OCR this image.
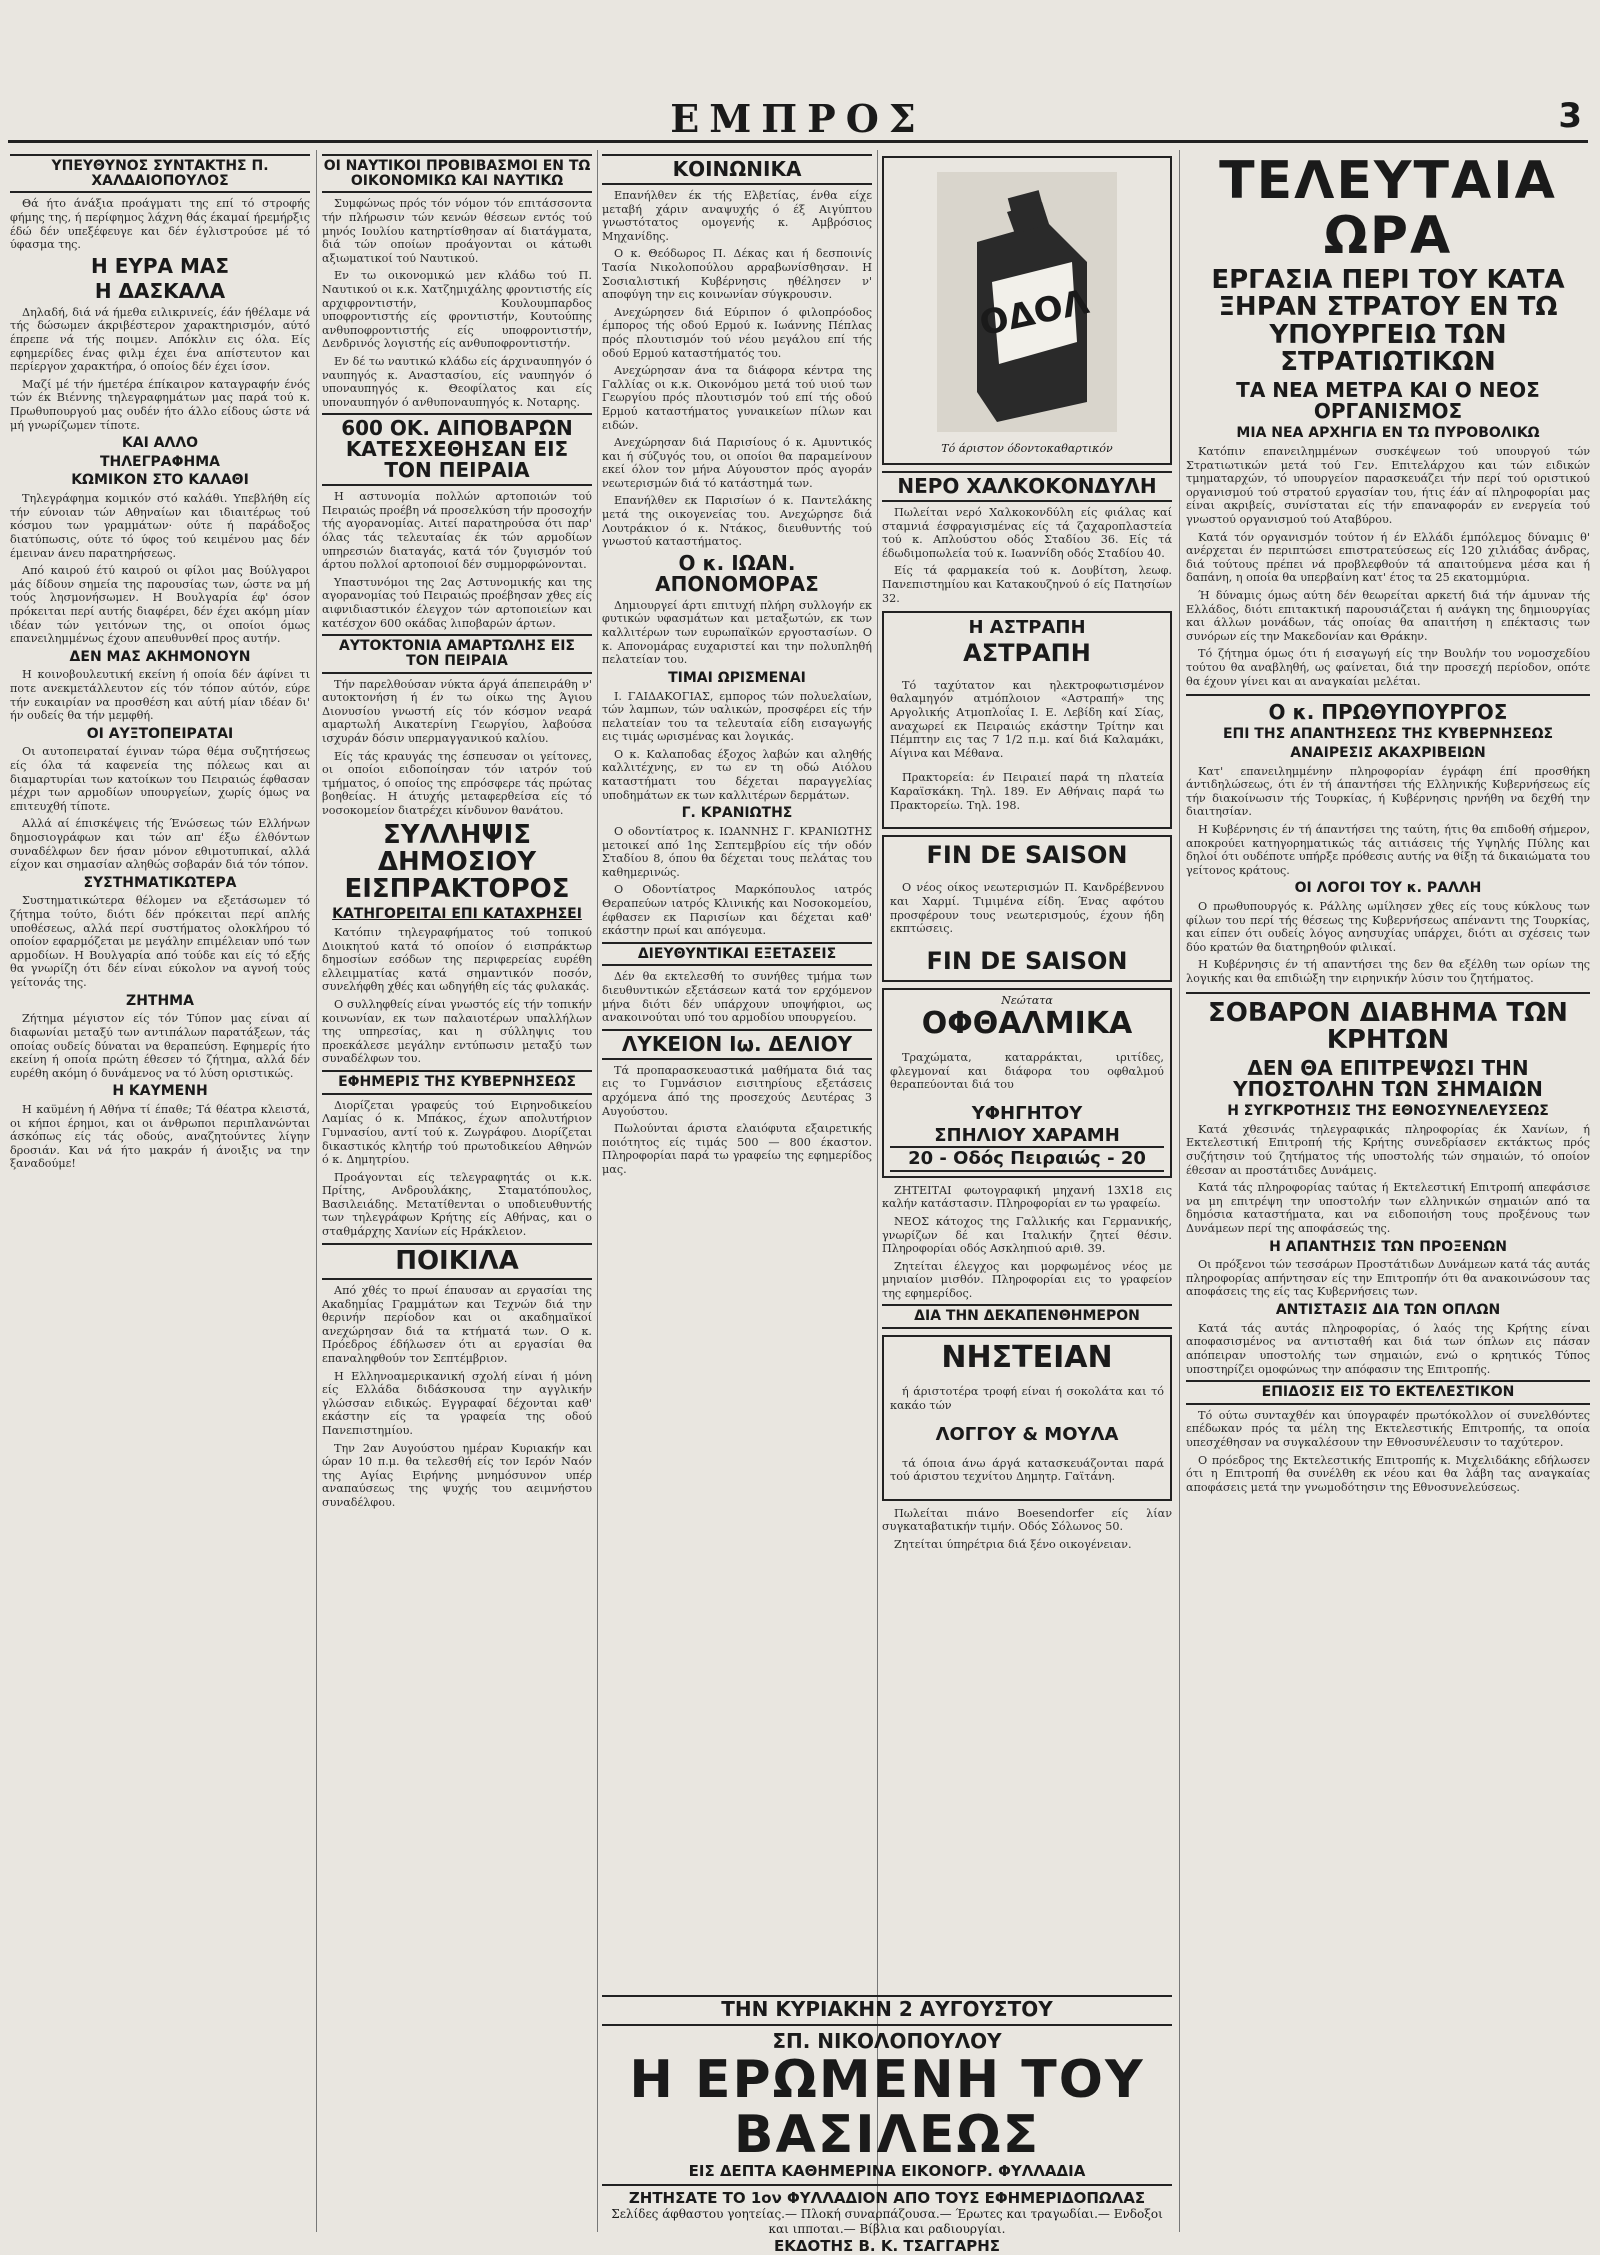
ΕΜΠΡΟΣ	3
ΥΠΕΥΘΥΝΟΣ ΣΥΝΤΑΚΤΗΣ Π. ΧΑΛΔΑΙΟΠΟΥΛΟΣ

Θά ήτο άνάξια προάγματι της επί τό στροφής φήμης της, ή περίφημος λάχνη θάς έκαμαί ήρεμήρξις έδώ δέν υπεξέφευγε και δέν έγλιστρούσε μέ τό ύφασμα της.

Η ΕΥΡΑ ΜΑΣ
Η ΔΑΣΚΑΛΑ

Δηλαδή, διά νά ήμεθα ειλικρινείς, έάν ήθέλαμε νά τής δώσωμεν άκριβέστερον χαρακτηρισμόν, αύτό έπρεπε νά τής ποιμεν. Απόκλιν εις όλα. Είς εφημερίδες ένας φιλμ έχει ένα απίστευτον και περίεργον χαρακτήρα, ό οποίος δέν έχει ίσον.

Μαζί μέ τήν ήμετέρα έπίκαιρον καταγραφήν ένός τών έκ Βιέννης τηλεγραφημάτων μας παρά τού κ. Πρωθυπουργού μας ουδέν ήτο άλλο είδους ώστε νά μή γνωρίζωμεν τίποτε.

ΚΑΙ ΑΛΛΟ
ΤΗΛΕΓΡΑΦΗΜΑ
ΚΩΜΙΚΟΝ ΣΤΟ ΚΑΛΑΘΙ

Τηλεγράφημα κομικόν στό καλάθι. Υπεβλήθη είς τήν εύνοιαν τών Αθηναίων και ιδιαιτέρως τού κόσμου των γραμμάτων· ούτε ή παράδοξος διατύπωσις, ούτε τό ύφος τού κειμένου μας δέν έμειναν άνευ παρατηρήσεως.

Από καιρού έτύ καιρού οι φίλοι μας Βούλγαροι μάς δίδουν σημεία της παρουσίας των, ώστε να μή τούς λησμονήσωμεν. Η Βουλγαρία έφ' όσον πρόκειται περί αυτής διαφέρει, δέν έχει ακόμη μίαν ιδέαν τών γειτόνων της, οι οποίοι όμως επανειλημμένως έχουν απευθυνθεί προς αυτήν.

ΔΕΝ ΜΑΣ ΑΚΗΜΟΝΟΥΝ

Η κοινοβουλευτική εκείνη ή οποία δέν άφίνει τι ποτε ανεκμετάλλευτον είς τόν τόπον αύτόν, εύρε τήν ευκαιρίαν να προσθέση και αύτή μίαν ιδέαν δι' ήν ουδείς θα τήν μεμφθή.

ΟΙ ΑΥΞΤΟΠΕΙΡΑΤΑΙ

Οι αυτοπειραταί έγιναν τώρα θέμα συζητήσεως είς όλα τά καφενεία της πόλεως και αι διαμαρτυρίαι των κατοίκων του Πειραιώς έφθασαν μέχρι των αρμοδίων υπουργείων, χωρίς όμως να επιτευχθή τίποτε.

Αλλά αί έπισκέψεις τής Ένώσεως τών Ελλήνων δημοσιογράφων και τών απ' έξω έλθόντων συναδέλφων δεν ήσαν μόνον εθιμοτυπικαί, αλλά είχον και σημασίαν αληθώς σοβαράν διά τόν τόπον.

ΣΥΣΤΗΜΑΤΙΚΩΤΕΡΑ

Συστηματικώτερα θέλομεν να εξετάσωμεν τό ζήτημα τούτο, διότι δέν πρόκειται περί απλής υποθέσεως, αλλά περί συστήματος ολοκλήρου τό οποίον εφαρμόζεται με μεγάλην επιμέλειαν υπό των αρμοδίων. Η Βουλγαρία από τούδε και είς τό εξής θα γνωρίζη ότι δέν είναι εύκολον να αγνοή τούς γείτονάς της.

ΖΗΤΗΜΑ

Ζήτημα μέγιστον είς τόν Τύπον μας είναι αί διαφωνίαι μεταξύ των αντιπάλων παρατάξεων, τάς οποίας ουδείς δύναται να θεραπεύση. Εφημερίς ήτο εκείνη ή οποία πρώτη έθεσεν τό ζήτημα, αλλά δέν ευρέθη ακόμη ό δυνάμενος να τό λύση οριστικώς.

Η ΚΑΥΜΕΝΗ

Η καϋμένη ή Αθήνα τί έπαθε; Τά θέατρα κλειστά, οι κήποι έρημοι, και οι άνθρωποι περιπλανώνται άσκόπως είς τάς οδούς, αναζητούντες λίγην δροσιάν. Και νά ήτο μακράν ή άνοιξις να την ξαναδούμε!

ΟΙ ΝΑΥΤΙΚΟΙ ΠΡΟΒΙΒΑΣΜΟΙ ΕΝ ΤΩ ΟΙΚΟΝΟΜΙΚΩ ΚΑΙ ΝΑΥΤΙΚΩ

Συμφώνως πρός τόν νόμον τόν επιτάσσοντα τήν πλήρωσιν τών κενών θέσεων εντός τού μηνός Ιουλίου κατηρτίσθησαν αί διατάγματα, διά τών οποίων προάγονται οι κάτωθι αξιωματικοί τού Ναυτικού.

Εν τω οικονομικώ μεν κλάδω τού Π. Ναυτικού οι κ.κ. Χατζημιχάλης φροντιστής είς αρχιφροντιστήν, Κουλουμπαρδος υποφροντιστής είς φροντιστήν, Κουτούπης ανθυποφροντιστής είς υποφροντιστήν, Δενδρινός λογιστής είς ανθυποφροντιστήν.

Εν δέ τω ναυτικώ κλάδω είς άρχιναυπηγόν ό ναυπηγός κ. Αναστασίου, είς ναυπηγόν ό υποναυπηγός κ. Θεοφίλατος και είς υποναυπηγόν ό ανθυποναυπηγός κ. Νοταρης.

600 ΟΚ. ΑΙΠΟΒΑΡΩΝ ΚΑΤΕΣΧΕΘΗΣΑΝ ΕΙΣ ΤΟΝ ΠΕΙΡΑΙΑ

Η αστυνομία πολλών αρτοποιών τού Πειραιώς προέβη νά προσελκύση τήν προσοχήν τής αγορανομίας. Αιτεί παρατηρούσα ότι παρ' όλας τάς τελευταίας έκ τών αρμοδίων υπηρεσιών διαταγάς, κατά τόν ζυγισμόν τού άρτου πολλοί αρτοποιοί δέν συμμορφώνονται.

Υπαστυνόμοι της 2ας Αστυνομικής και της αγορανομίας τού Πειραιώς προέβησαν χθες είς αιφνιδιαστικόν έλεγχον τών αρτοποιείων και κατέσχον 600 οκάδας λιποβαρών άρτων.

ΑΥΤΟΚΤΟΝΙΑ ΑΜΑΡΤΩΛΗΣ ΕΙΣ ΤΟΝ ΠΕΙΡΑΙΑ

Τήν παρελθούσαν νύκτα άργά άπεπειράθη ν' αυτοκτονήση ή έν τω οίκω της Άγιου Διονυσίου γνωστή είς τόν κόσμον νεαρά αμαρτωλή Αικατερίνη Γεωργίου, λαβούσα ισχυράν δόσιν υπερμαγγανικού καλίου.

Είς τάς κραυγάς της έσπευσαν οι γείτονες, οι οποίοι ειδοποίησαν τόν ιατρόν τού τμήματος, ό οποίος της επρόσφερε τάς πρώτας βοηθείας. Η άτυχής μεταφερθείσα είς τό νοσοκομείον διατρέχει κίνδυνον θανάτου.

ΣΥΛΛΗΨΙΣ ΔΗΜΟΣΙΟΥ ΕΙΣΠΡΑΚΤΟΡΟΣ
ΚΑΤΗΓΟΡΕΙΤΑΙ ΕΠΙ ΚΑΤΑΧΡΗΣΕΙ

Κατόπιν τηλεγραφήματος τού τοπικού Διοικητού κατά τό οποίον ό εισπράκτωρ δημοσίων εσόδων της περιφερείας ευρέθη ελλειμματίας κατά σημαντικόν ποσόν, συνελήφθη χθές και ωδηγήθη είς τάς φυλακάς.

Ο συλληφθείς είναι γνωστός είς τήν τοπικήν κοινωνίαν, εκ των παλαιοτέρων υπαλλήλων της υπηρεσίας, και η σύλληψις του προεκάλεσε μεγάλην εντύπωσιν μεταξύ των συναδέλφων του.

ΕΦΗΜΕΡΙΣ ΤΗΣ ΚΥΒΕΡΝΗΣΕΩΣ

Διορίζεται γραφεύς τού Ειρηνοδικείου Λαμίας ό κ. Μπάκος, έχων απολυτήριον Γυμνασίου, αντί τού κ. Ζωγράφου. Διορίζεται δικαστικός κλητήρ τού πρωτοδικείου Αθηνών ό κ. Δημητρίου.

Προάγονται είς τελεγραφητάς οι κ.κ. Πρίτης, Ανδρουλάκης, Σταματόπουλος, Βασιλειάδης. Μετατίθενται ο υποδιευθυντής των τηλεγράφων Κρήτης είς Αθήνας, και ο σταθμάρχης Χανίων είς Ηράκλειον.

ΠΟΙΚΙΛΑ

Από χθές το πρωί έπαυσαν αι εργασίαι της Ακαδημίας Γραμμάτων και Τεχνών διά την θερινήν περίοδον και οι ακαδημαϊκοί ανεχώρησαν διά τα κτήματά των. Ο κ. Πρόεδρος έδήλωσεν ότι αι εργασίαι θα επαναληφθούν τον Σεπτέμβριον.

Η Ελληνοαμερικανική σχολή είναι ή μόνη είς Ελλάδα διδάσκουσα την αγγλικήν γλώσσαν ειδικώς. Εγγραφαί δέχονται καθ' εκάστην είς τα γραφεία της οδού Πανεπιστημίου.

Την 2αν Αυγούστου ημέραν Κυριακήν και ώραν 10 π.μ. θα τελεσθή είς τον Ιερόν Ναόν της Αγίας Ειρήνης μνημόσυνον υπέρ αναπαύσεως της ψυχής του αειμνήστου συναδέλφου.

ΚΟΙΝΩΝΙΚΑ

Επανήλθεν έκ τής Ελβετίας, ένθα είχε μεταβή χάριν αναψυχής ό έξ Αιγύπτου γνωστότατος ομογενής κ. Αμβρόσιος Μηχανίδης.

Ο κ. Θεόδωρος Π. Δέκας και ή δεσποινίς Τασία Νικολοπούλου αρραβωνίσθησαν. Η Σοσιαλιστική Κυβέρνησις ηθέλησεν ν' αποφύγη την εις κοινωνίαν σύγκρουσιν.

Ανεχώρησεν διά Εύριπον ό φιλοπρόοδος έμπορος τής οδού Ερμού κ. Ιωάννης Πέπλας πρός πλουτισμόν τού νέου μεγάλου επί τής οδού Ερμού καταστήματός του.

Ανεχώρησαν άνα τα διάφορα κέντρα της Γαλλίας οι κ.κ. Οικονόμου μετά τού υιού των Γεωργίου πρός πλουτισμόν τού επί τής οδού Ερμού καταστήματος γυναικείων πίλων και ειδών.

Ανεχώρησαν διά Παρισίους ό κ. Αμυντικός και ή σύζυγός του, οι οποίοι θα παραμείνουν εκεί όλον τον μήνα Αύγουστον πρός αγοράν νεωτερισμών διά τό κατάστημά των.

Επανήλθεν εκ Παρισίων ό κ. Παντελάκης μετά της οικογενείας του. Ανεχώρησε διά Λουτράκιον ό κ. Ντάκος, διευθυντής τού γνωστού καταστήματος.

Ο κ. ΙΩΑΝ. ΑΠΟΝΟΜΟΡΑΣ

Δημιουργεί άρτι επιτυχή πλήρη συλλογήν εκ φυτικών υφασμάτων και μεταξωτών, εκ των καλλιτέρων των ευρωπαϊκών εργοστασίων. Ο κ. Απονομάρας ευχαριστεί και την πολυπληθή πελατείαν του.

ΤΙΜΑΙ ΩΡΙΣΜΕΝΑΙ

Ι. ΓΑΙΔΑΚΟΓΙΑΣ, εμπορος τών πολυελαίων, τών λαμπων, τών υαλικών, προσφέρει είς τήν πελατείαν του τα τελευταία είδη εισαγωγής εις τιμάς ωρισμένας και λογικάς.

Ο κ. Καλαποδας έξοχος λαβών και αληθής καλλιτέχνης, εν τω εν τη οδώ Αιόλου καταστήματι του δέχεται παραγγελίας υποδημάτων εκ των καλλιτέρων δερμάτων.

Γ. ΚΡΑΝΙΩΤΗΣ

Ο οδοντίατρος κ. ΙΩΑΝΝΗΣ Γ. ΚΡΑΝΙΩΤΗΣ μετοικεί από 1ης Σεπτεμβρίου είς τήν οδόν Σταδίου 8, όπου θα δέχεται τους πελάτας του καθημερινώς.

Ο Οδοντίατρος Μαρκόπουλος ιατρός Θεραπεύων ιατρός Κλινικής και Νοσοκομείου, έφθασεν εκ Παρισίων και δέχεται καθ' εκάστην πρωί και απόγευμα.

ΔΙΕΥΘΥΝΤΙΚΑΙ ΕΞΕΤΑΣΕΙΣ

Δέν θα εκτελεσθή το συνήθες τμήμα των διευθυντικών εξετάσεων κατά τον ερχόμενον μήνα διότι δέν υπάρχουν υποψήφιοι, ως ανακοινούται υπό του αρμοδίου υπουργείου.

ΛΥΚΕΙΟΝ Ιω. ΔΕΛΙΟΥ

Τά προπαρασκευαστικά μαθήματα διά τας εις το Γυμνάσιον εισιτηρίους εξετάσεις αρχόμενα άπό της προσεχούς Δευτέρας 3 Αυγούστου.

Πωλούνται άριστα ελαιόφυτα εξαιρετικής ποιότητος είς τιμάς 500 — 800 έκαστον. Πληροφορίαι παρά τω γραφείω της εφημερίδος μας.

ΟΔΟΛ
Τό άριστον όδοντοκαθαρτικόν
ΝΕΡΟ ΧΑΛΚΟΚΟΝΔΥΛΗ

Πωλείται νερό Χαλκοκονδύλη είς φιάλας καί σταμνιά έσφραγισμένας είς τά ζαχαροπλαστεία τού κ. Απλούστου οδός Σταδίου 36. Είς τά έδωδιμοπωλεία τού κ. Ιωαννίδη οδός Σταδίου 40.

Είς τά φαρμακεία τού κ. Δουβίτση, λεωφ. Πανεπιστημίου και Κατακουζηνού ό είς Πατησίων 32.

Η ΑΣΤΡΑΠΗ
ΑΣΤΡΑΠΗ

Τό ταχύτατον και ηλεκτροφωτισμένον θαλαμηγόν ατμόπλοιον «Αστραπή» της Αργολικής Ατμοπλοΐας Ι. Ε. Λεβίδη καί Σίας, αναχωρεί εκ Πειραιώς εκάστην Τρίτην και Πέμπτην εις τας 7 1/2 π.μ. καί διά Καλαμάκι, Αίγινα και Μέθανα.

Πρακτορεία: έν Πειραιεί παρά τη πλατεία Καραϊσκάκη. Τηλ. 189. Εν Αθήναις παρά τω Πρακτορείω. Τηλ. 198.

FIN DE SAISON

Ο νέος οίκος νεωτερισμών Π. Κανδρέβεννου και Χαρμί. Τιμιμένα είδη. Ένας αφότου προσφέρουν τους νεωτερισμούς, έχουν ήδη εκπτώσεις.

FIN DE SAISON
Νεώτατα
ΟΦΘΑΛΜΙΚΑ

Τραχώματα, καταρράκται, ιριτίδες, φλεγμοναί και διάφορα του οφθαλμού θεραπεύονται διά του

ΥΦΗΓΗΤΟΥ
ΣΠΗΛΙΟΥ ΧΑΡΑΜΗ
20 - Οδός Πειραιώς - 20

ΖΗΤΕΙΤΑΙ φωτογραφική μηχανή 13X18 εις καλήν κατάστασιν. Πληροφορίαι εν τω γραφείω.

ΝΕΟΣ κάτοχος της Γαλλικής και Γερμανικής, γνωρίζων δέ και Ιταλικήν ζητεί θέσιν. Πληροφορίαι οδός Ασκληπιού αριθ. 39.

Ζητείται έλεγχος και μορφωμένος νέος με μηνιαίον μισθόν. Πληροφορίαι εις το γραφείον της εφημερίδος.

ΔΙΑ ΤΗΝ ΔΕΚΑΠΕΝΘΗΜΕΡΟΝ
ΝΗΣΤΕΙΑΝ

ή άριστοτέρα τροφή είναι ή σοκολάτα και τό κακάο τών

ΛΟΓΓΟΥ & ΜΟΥΛΑ

τά όποια άνω άργά κατασκευάζονται παρά τού άριστου τεχνίτου Δημητρ. Γαϊτάνη.

Πωλείται πιάνο Boesendorfer είς λίαν συγκαταβατικήν τιμήν. Οδός Σόλωνος 50.

Ζητείται ύπηρέτρια διά ξένο οικογένειαν.

ΤΗΝ ΚΥΡΙΑΚΗΝ 2 ΑΥΓΟΥΣΤΟΥ
ΣΠ. ΝΙΚΟΛΟΠΟΥΛΟΥ
Η ΕΡΩΜΕΝΗ ΤΟΥ ΒΑΣΙΛΕΩΣ
ΕΙΣ ΔΕΠΤΑ ΚΑΘΗΜΕΡΙΝΑ ΕΙΚΟΝΟΓΡ. ΦΥΛΛΑΔΙΑ
ΖΗΤΗΣΑΤΕ ΤΟ 1ον ΦΥΛΛΑΔΙΟΝ ΑΠΟ ΤΟΥΣ ΕΦΗΜΕΡΙΔΟΠΩΛΑΣ
Σελίδες άφθαστου γοητείας.— Πλοκή συναρπάζουσα.— Έρωτες και τραγωδίαι.— Ενδοξοι και ιπποται.— Βίβλια και ραδιουργίαι.
ΕΚΔΟΤΗΣ Β. Κ. ΤΣΑΓΓΑΡΗΣ
ΤΕΛΕΥΤΑΙΑ ΩΡΑ
ΕΡΓΑΣΙΑ ΠΕΡΙ ΤΟΥ ΚΑΤΑ ΞΗΡΑΝ ΣΤΡΑΤΟΥ ΕΝ ΤΩ ΥΠΟΥΡΓΕΙΩ ΤΩΝ ΣΤΡΑΤΙΩΤΙΚΩΝ
ΤΑ ΝΕΑ ΜΕΤΡΑ ΚΑΙ Ο ΝΕΟΣ ΟΡΓΑΝΙΣΜΟΣ
ΜΙΑ ΝΕΑ ΑΡΧΗΓΙΑ ΕΝ ΤΩ ΠΥΡΟΒΟΛΙΚΩ

Κατόπιν επανειλημμένων συσκέψεων τού υπουργού τών Στρατιωτικών μετά τού Γεν. Επιτελάρχου και τών ειδικών τμηματαρχών, τό υπουργείον παρασκευάζει τήν περί τού οριστικού οργανισμού τού στρατού εργασίαν του, ήτις έάν αί πληροφορίαι μας είναι ακριβείς, συνίσταται είς τήν επαναφοράν εν ενεργεία τού γνωστού οργανισμού τού Αταβύρου.

Κατά τόν οργανισμόν τούτον ή έν Ελλάδι έμπόλεμος δύναμις θ' ανέρχεται έν περιπτώσει επιστρατεύσεως είς 120 χιλιάδας άνδρας, διά τούτους πρέπει νά προβλεφθούν τά απαιτούμενα μέσα και ή δαπάνη, η οποία θα υπερβαίνη κατ' έτος τα 25 εκατομμύρια.

Ή δύναμις όμως αύτη δέν θεωρείται αρκετή διά τήν άμυναν τής Ελλάδος, διότι επιτακτική παρουσιάζεται ή ανάγκη της δημιουργίας και άλλων μονάδων, τάς οποίας θα απαιτήση η επέκτασις των συνόρων είς την Μακεδονίαν και Θράκην.

Τό ζήτημα όμως ότι ή εισαγωγή είς την Βουλήν του νομοσχεδίου τούτου θα αναβληθή, ως φαίνεται, διά την προσεχή περίοδον, οπότε θα έχουν γίνει και αι αναγκαίαι μελέται.

Ο κ. ΠΡΩΘΥΠΟΥΡΓΟΣ
ΕΠΙ ΤΗΣ ΑΠΑΝΤΗΣΕΩΣ ΤΗΣ ΚΥΒΕΡΝΗΣΕΩΣ
ΑΝΑΙΡΕΣΙΣ ΑΚΑΧΡΙΒΕΙΩΝ

Κατ' επανειλημμένην πληροφορίαν έγράφη έπί προσθήκη άντιδηλώσεως, ότι έν τή άπαντήσει τής Ελληνικής Κυβερνήσεως είς τήν διακοίνωσιν τής Τουρκίας, ή Κυβέρνησις ηρνήθη να δεχθή την διαιτησίαν.

Η Κυβέρνησις έν τή άπαντήσει της ταύτη, ήτις θα επιδοθή σήμερον, αποκρούει κατηγορηματικώς τάς αιτιάσεις τής Υψηλής Πύλης και δηλοί ότι ουδέποτε υπήρξε πρόθεσις αυτής να θίξη τά δικαιώματα του γείτονος κράτους.

ΟΙ ΛΟΓΟΙ ΤΟΥ κ. ΡΑΛΛΗ

Ο πρωθυπουργός κ. Ράλλης ωμίλησεν χθες είς τους κύκλους των φίλων του περί τής θέσεως της Κυβερνήσεως απέναντι της Τουρκίας, και είπεν ότι ουδείς λόγος ανησυχίας υπάρχει, διότι αι σχέσεις των δύο κρατών θα διατηρηθούν φιλικαί.

Η Κυβέρνησις έν τή απαντήσει της δεν θα εξέλθη των ορίων της λογικής και θα επιδιώξη την ειρηνικήν λύσιν του ζητήματος.

ΣΟΒΑΡΟΝ ΔΙΑΒΗΜΑ ΤΩΝ ΚΡΗΤΩΝ
ΔΕΝ ΘΑ ΕΠΙΤΡΕΨΩΣΙ ΤΗΝ ΥΠΟΣΤΟΛΗΝ ΤΩΝ ΣΗΜΑΙΩΝ
Η ΣΥΓΚΡΟΤΗΣΙΣ ΤΗΣ ΕΘΝΟΣΥΝΕΛΕΥΣΕΩΣ

Κατά χθεσινάς τηλεγραφικάς πληροφορίας έκ Χανίων, ή Εκτελεστική Επιτροπή τής Κρήτης συνεδρίασεν εκτάκτως πρός συζήτησιν τού ζητήματος τής υποστολής τών σημαιών, τό οποίον έθεσαν αι προστάτιδες Δυνάμεις.

Κατά τάς πληροφορίας ταύτας ή Εκτελεστική Επιτροπή απεφάσισε να μη επιτρέψη την υποστολήν των ελληνικών σημαιών από τα δημόσια καταστήματα, και να ειδοποιήση τους προξένους των Δυνάμεων περί της αποφάσεώς της.

Η ΑΠΑΝΤΗΣΙΣ ΤΩΝ ΠΡΟΞΕΝΩΝ

Οι πρόξενοι τών τεσσάρων Προστάτιδων Δυνάμεων κατά τάς αυτάς πληροφορίας απήντησαν είς την Επιτροπήν ότι θα ανακοινώσουν τας αποφάσεις της είς τας Κυβερνήσεις των.

ΑΝΤΙΣΤΑΣΙΣ ΔΙΑ ΤΩΝ ΟΠΛΩΝ

Κατά τάς αυτάς πληροφορίας, ό λαός της Κρήτης είναι αποφασισμένος να αντισταθή και διά των όπλων εις πάσαν απόπειραν υποστολής των σημαιών, ενώ ο κρητικός Τύπος υποστηρίζει ομοφώνως την απόφασιν της Επιτροπής.

ΕΠΙΔΟΣΙΣ ΕΙΣ ΤΟ ΕΚΤΕΛΕΣΤΙΚΟΝ

Τό ούτω συνταχθέν και ύπογραφέν πρωτόκολλον οί συνελθόντες επέδωκαν πρός τα μέλη της Εκτελεστικής Επιτροπής, τα οποία υπεσχέθησαν να συγκαλέσουν την Εθνοσυνέλευσιν το ταχύτερον.

Ο πρόεδρος της Εκτελεστικής Επιτροπής κ. Μιχελιδάκης εδήλωσεν ότι η Επιτροπή θα συνέλθη εκ νέου και θα λάβη τας αναγκαίας αποφάσεις μετά την γνωμοδότησιν της Εθνοσυνελεύσεως.
